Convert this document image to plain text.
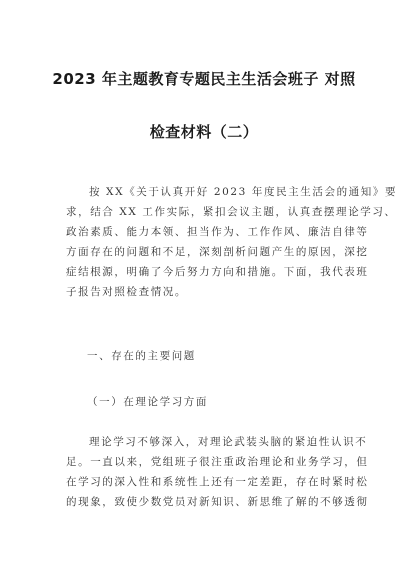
2023 年主题教育专题民主生活会班子 对照
检查材料（二）
按 XX《关于认真开好 2023 年度民主生活会的通知》要
求，结合 XX 工作实际，紧扣会议主题，认真查摆理论学习、
政治素质、能力本领、担当作为、工作作风、廉洁自律等
方面存在的问题和不足，深刻剖析问题产生的原因，深挖
症结根源，明确了今后努力方向和措施。下面，我代表班
子报告对照检查情况。
一、存在的主要问题
（一）在理论学习方面
理论学习不够深入，对理论武装头脑的紧迫性认识不
足。一直以来，党组班子很注重政治理论和业务学习，但
在学习的深入性和系统性上还有一定差距，存在时紧时松
的现象，致使少数党员对新知识、新思维了解的不够透彻
